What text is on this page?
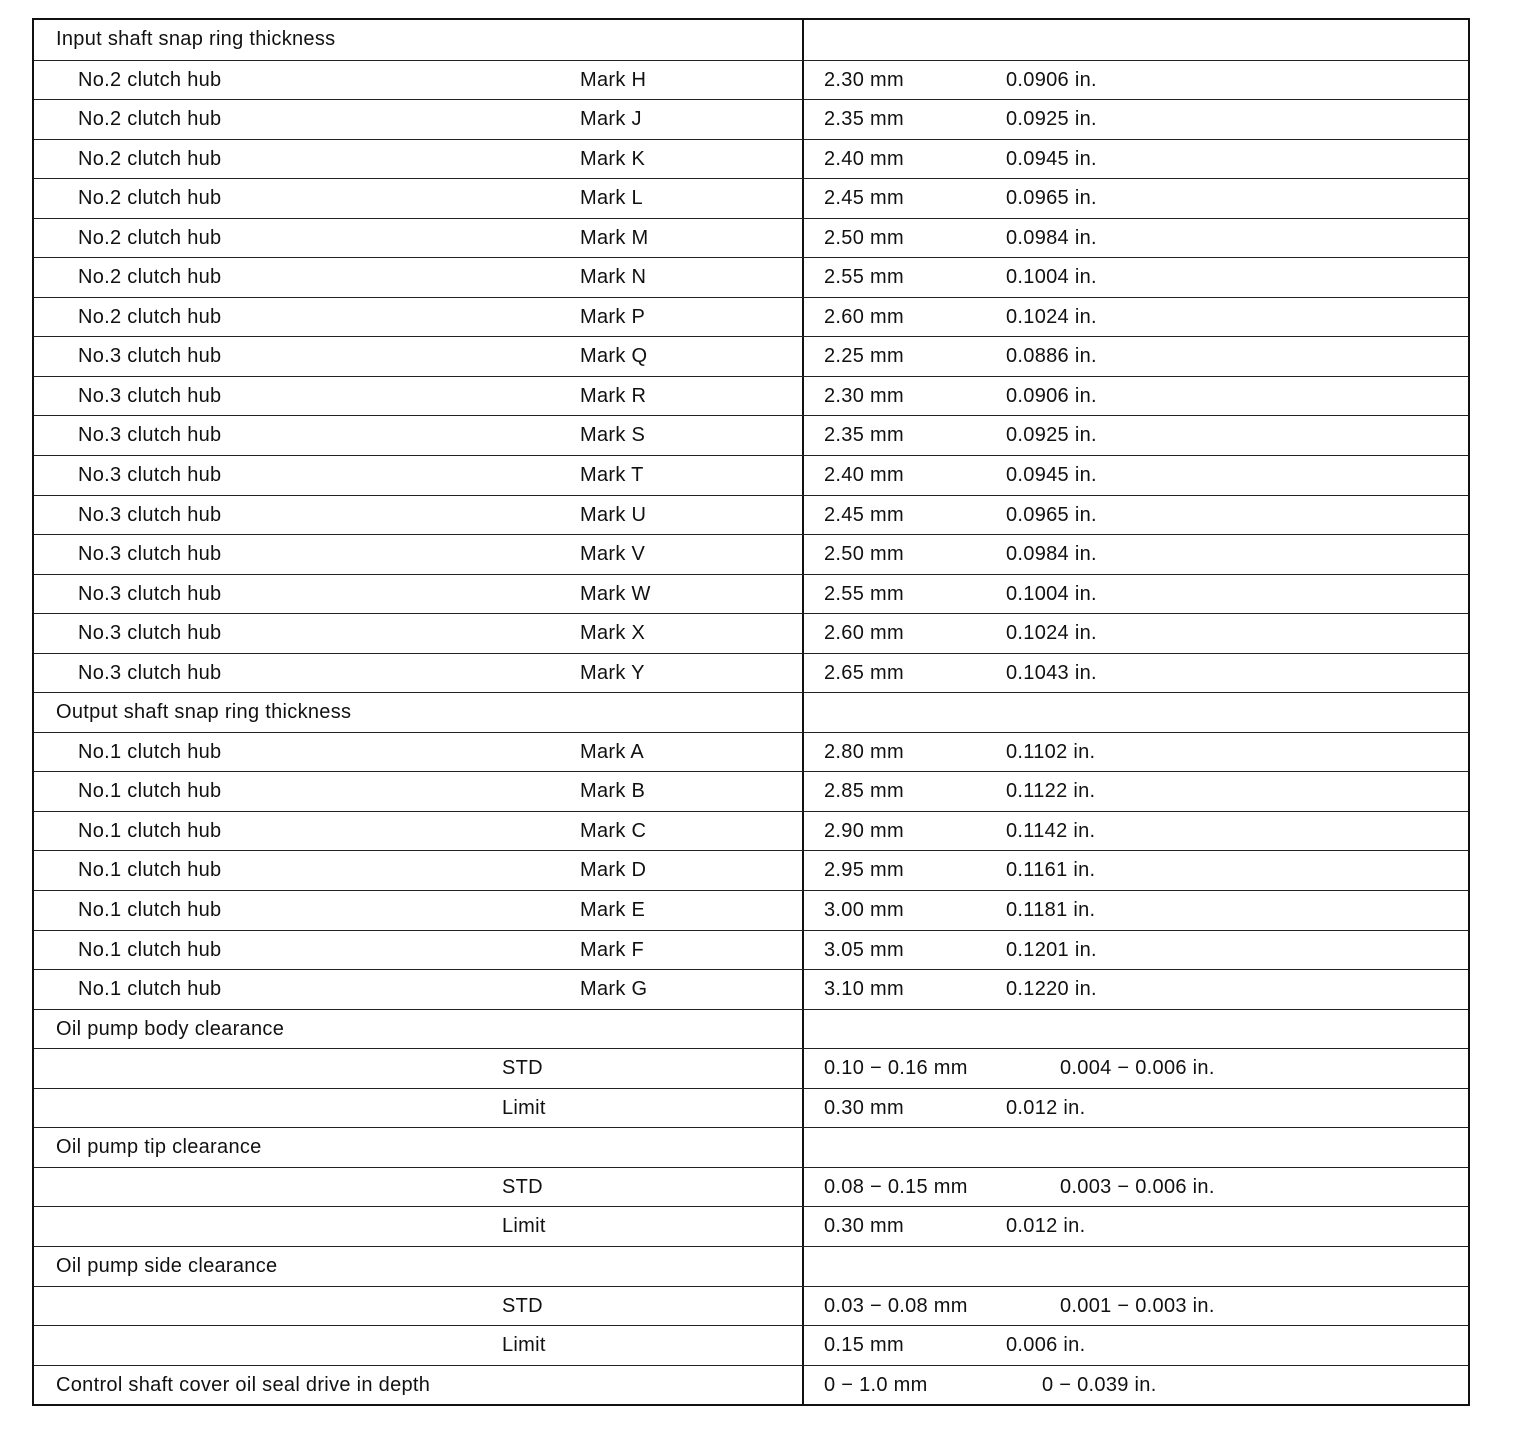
Input shaft snap ring thickness
No.2 clutch hub	Mark H	2.30 mm	0.0906 in.
No.2 clutch hub	Mark J	2.35 mm	0.0925 in.
No.2 clutch hub	Mark K	2.40 mm	0.0945 in.
No.2 clutch hub	Mark L	2.45 mm	0.0965 in.
No.2 clutch hub	Mark M	2.50 mm	0.0984 in.
No.2 clutch hub	Mark N	2.55 mm	0.1004 in.
No.2 clutch hub	Mark P	2.60 mm	0.1024 in.
No.3 clutch hub	Mark Q	2.25 mm	0.0886 in.
No.3 clutch hub	Mark R	2.30 mm	0.0906 in.
No.3 clutch hub	Mark S	2.35 mm	0.0925 in.
No.3 clutch hub	Mark T	2.40 mm	0.0945 in.
No.3 clutch hub	Mark U	2.45 mm	0.0965 in.
No.3 clutch hub	Mark V	2.50 mm	0.0984 in.
No.3 clutch hub	Mark W	2.55 mm	0.1004 in.
No.3 clutch hub	Mark X	2.60 mm	0.1024 in.
No.3 clutch hub	Mark Y	2.65 mm	0.1043 in.
Output shaft snap ring thickness
No.1 clutch hub	Mark A	2.80 mm	0.1102 in.
No.1 clutch hub	Mark B	2.85 mm	0.1122 in.
No.1 clutch hub	Mark C	2.90 mm	0.1142 in.
No.1 clutch hub	Mark D	2.95 mm	0.1161 in.
No.1 clutch hub	Mark E	3.00 mm	0.1181 in.
No.1 clutch hub	Mark F	3.05 mm	0.1201 in.
No.1 clutch hub	Mark G	3.10 mm	0.1220 in.
Oil pump body clearance
STD	0.10 − 0.16 mm	0.004 − 0.006 in.
Limit	0.30 mm	0.012 in.
Oil pump tip clearance
STD	0.08 − 0.15 mm	0.003 − 0.006 in.
Limit	0.30 mm	0.012 in.
Oil pump side clearance
STD	0.03 − 0.08 mm	0.001 − 0.003 in.
Limit	0.15 mm	0.006 in.
Control shaft cover oil seal drive in depth	0 − 1.0 mm	0 − 0.039 in.
